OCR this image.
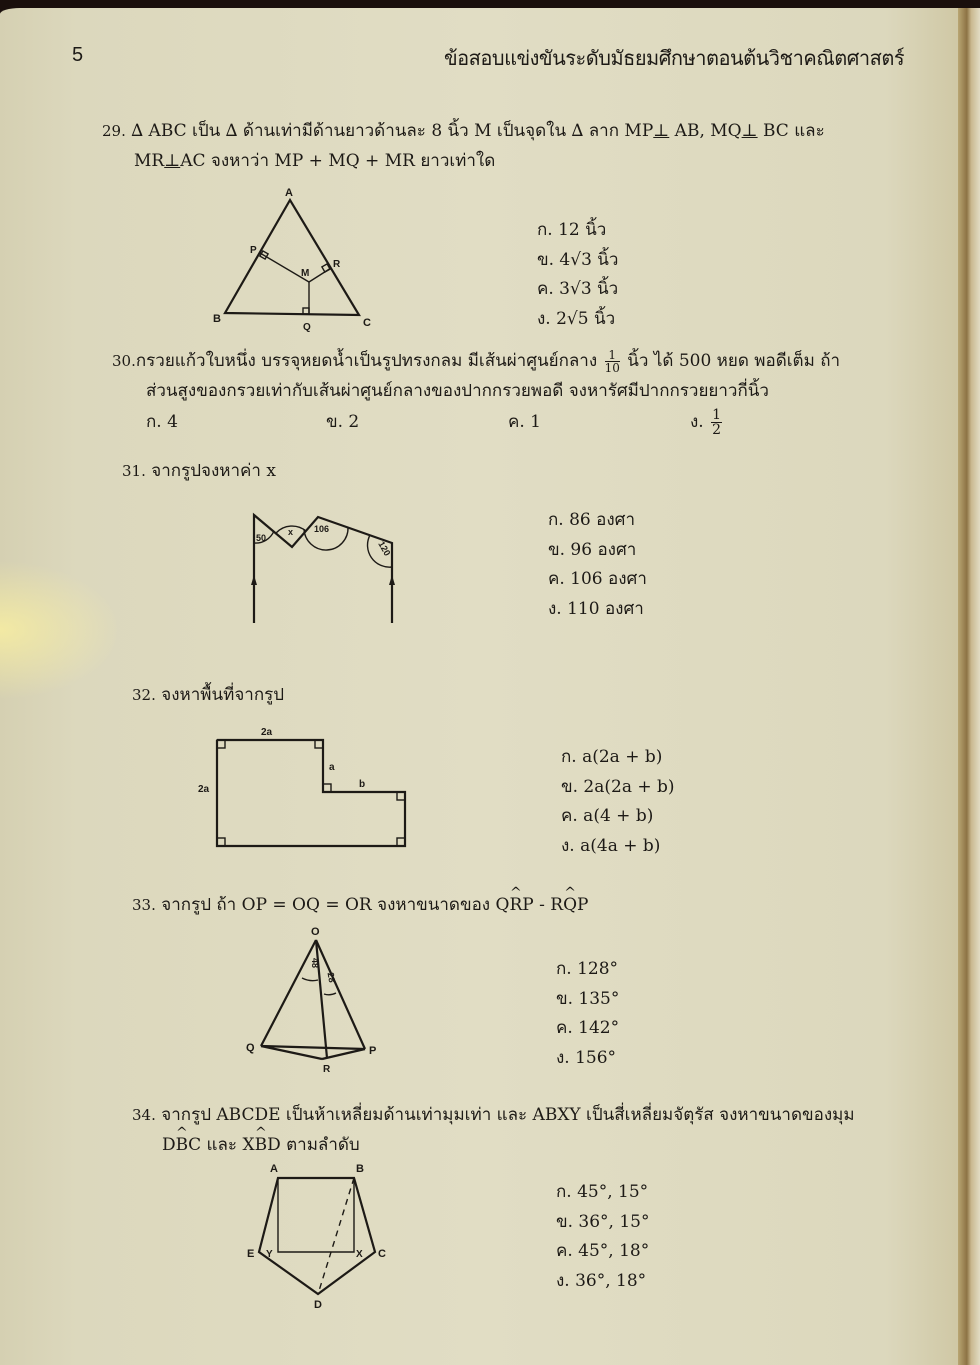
5	ข้อสอบแข่งขันระดับมัธยมศึกษาตอนต้นวิชาคณิตศาสตร์
29. ∆ ABC เป็น ∆ ด้านเท่ามีด้านยาวด้านละ 8 นิ้ว M เป็นจุดใน ∆ ลาก MP⊥ AB, MQ⊥ BC และ
MR⊥AC จงหาว่า MP + MQ + MR ยาวเท่าใด
A
B	C
P
Q
R
M
ก. 12 นิ้ว
ข. 4√3 นิ้ว
ค. 3√3 นิ้ว
ง. 2√5 นิ้ว
30.กรวยแก้วใบหนึ่ง บรรจุหยดน้ำเป็นรูปทรงกลม มีเส้นผ่าศูนย์กลาง $\frac{1}{10}$ นิ้ว ได้ 500 หยด พอดีเต็ม ถ้า
ส่วนสูงของกรวยเท่ากับเส้นผ่าศูนย์กลางของปากกรวยพอดี จงหารัศมีปากกรวยยาวกี่นิ้ว
ก. 4	ข. 2	ค. 1	ง. $\frac{1}{2}$
31. จากรูปจงหาค่า x
50
x 106
120
ก. 86 องศา
ข. 96 องศา
ค. 106 องศา
ง. 110 องศา
32. จงหาพื้นที่จากรูป
2a
2a
a
b
ก. a(2a + b)
ข. 2a(2a + b)
ค. a(4 + b)
ง. a(4a + b)
33. จากรูป ถ้า OP = OQ = OR จงหาขนาดของ Q^ RP - R^ QP
O
Q	P
R
48
28	ก. 128°
ข. 135°
ค. 142°
ง. 156°
34. จากรูป ABCDE เป็นห้าเหลี่ยมด้านเท่ามุมเท่า และ ABXY เป็นสี่เหลี่ยมจัตุรัส จงหาขนาดของมุม
D^ BC และ X^ BD ตามลำดับ
A	B
C
D
E	X
Y
ก. 45°, 15°
ข. 36°, 15°
ค. 45°, 18°
ง. 36°, 18°
